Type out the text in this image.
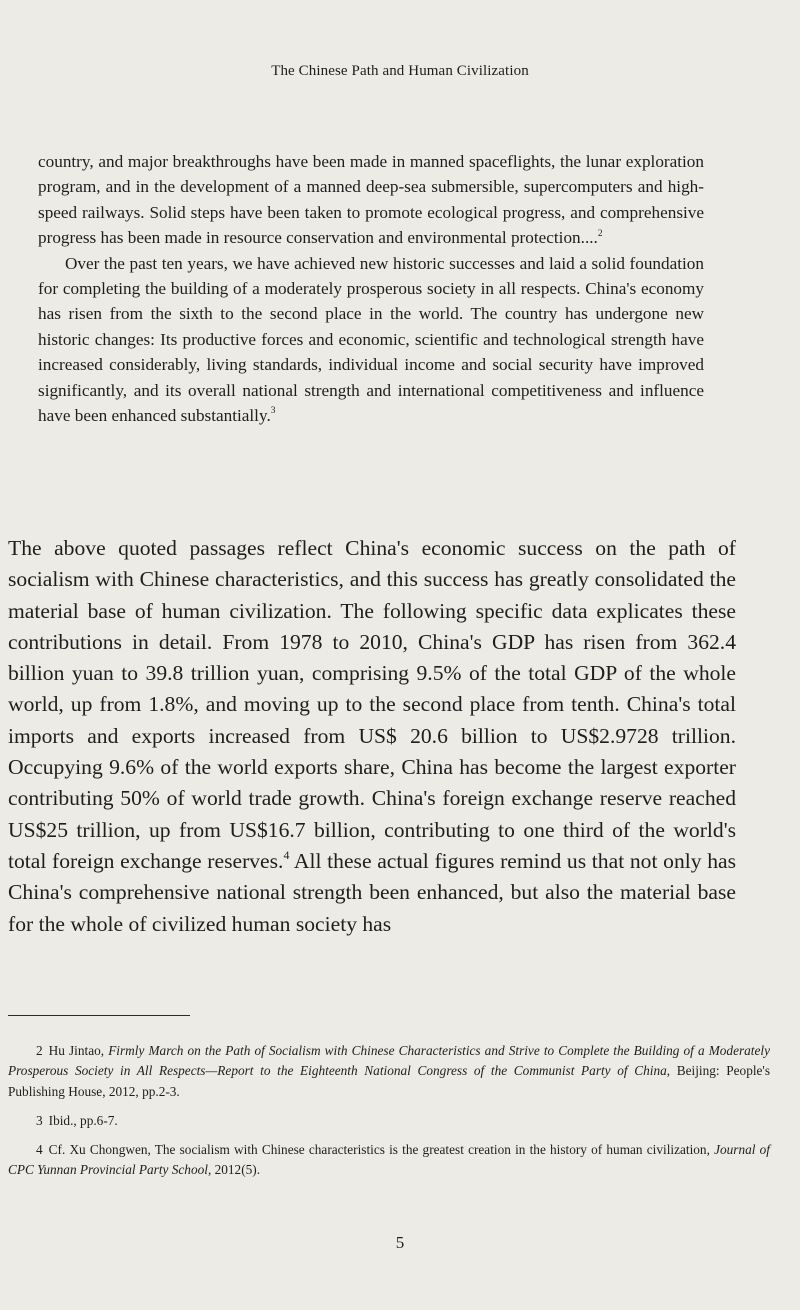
The Chinese Path and Human Civilization

country, and major breakthroughs have been made in manned spaceflights, the lunar exploration program, and in the development of a manned deep-sea submersible, supercomputers and high-speed railways. Solid steps have been taken to promote ecological progress, and comprehensive progress has been made in resource conservation and environmental protection....$^2$

Over the past ten years, we have achieved new historic successes and laid a solid foundation for completing the building of a moderately prosperous society in all respects. China's economy has risen from the sixth to the second place in the world. The country has undergone new historic changes: Its productive forces and economic, scientific and technological strength have increased considerably, living standards, individual income and social security have improved significantly, and its overall national strength and international competitiveness and influence have been enhanced substantially.$^3$

The above quoted passages reflect China's economic success on the path of socialism with Chinese characteristics, and this success has greatly consolidated the material base of human civilization. The following specific data explicates these contributions in detail. From 1978 to 2010, China's GDP has risen from 362.4 billion yuan to 39.8 trillion yuan, comprising 9.5% of the total GDP of the whole world, up from 1.8%, and moving up to the second place from tenth. China's total imports and exports increased from US$ 20.6 billion to US$2.9728 trillion. Occupying 9.6% of the world exports share, China has become the largest exporter contributing 50% of world trade growth. China's foreign exchange reserve reached US$25 trillion, up from US$16.7 billion, contributing to one third of the world's total foreign exchange reserves.$^4$ All these actual figures remind us that not only has China's comprehensive national strength been enhanced, but also the material base for the whole of civilized human society has

2 Hu Jintao, Firmly March on the Path of Socialism with Chinese Characteristics and Strive to Complete the Building of a Moderately Prosperous Society in All Respects—Report to the Eighteenth National Congress of the Communist Party of China, Beijing: People's Publishing House, 2012, pp.2-3.

3 Ibid., pp.6-7.

4 Cf. Xu Chongwen, The socialism with Chinese characteristics is the greatest creation in the history of human civilization, Journal of CPC Yunnan Provincial Party School, 2012(5).

5
